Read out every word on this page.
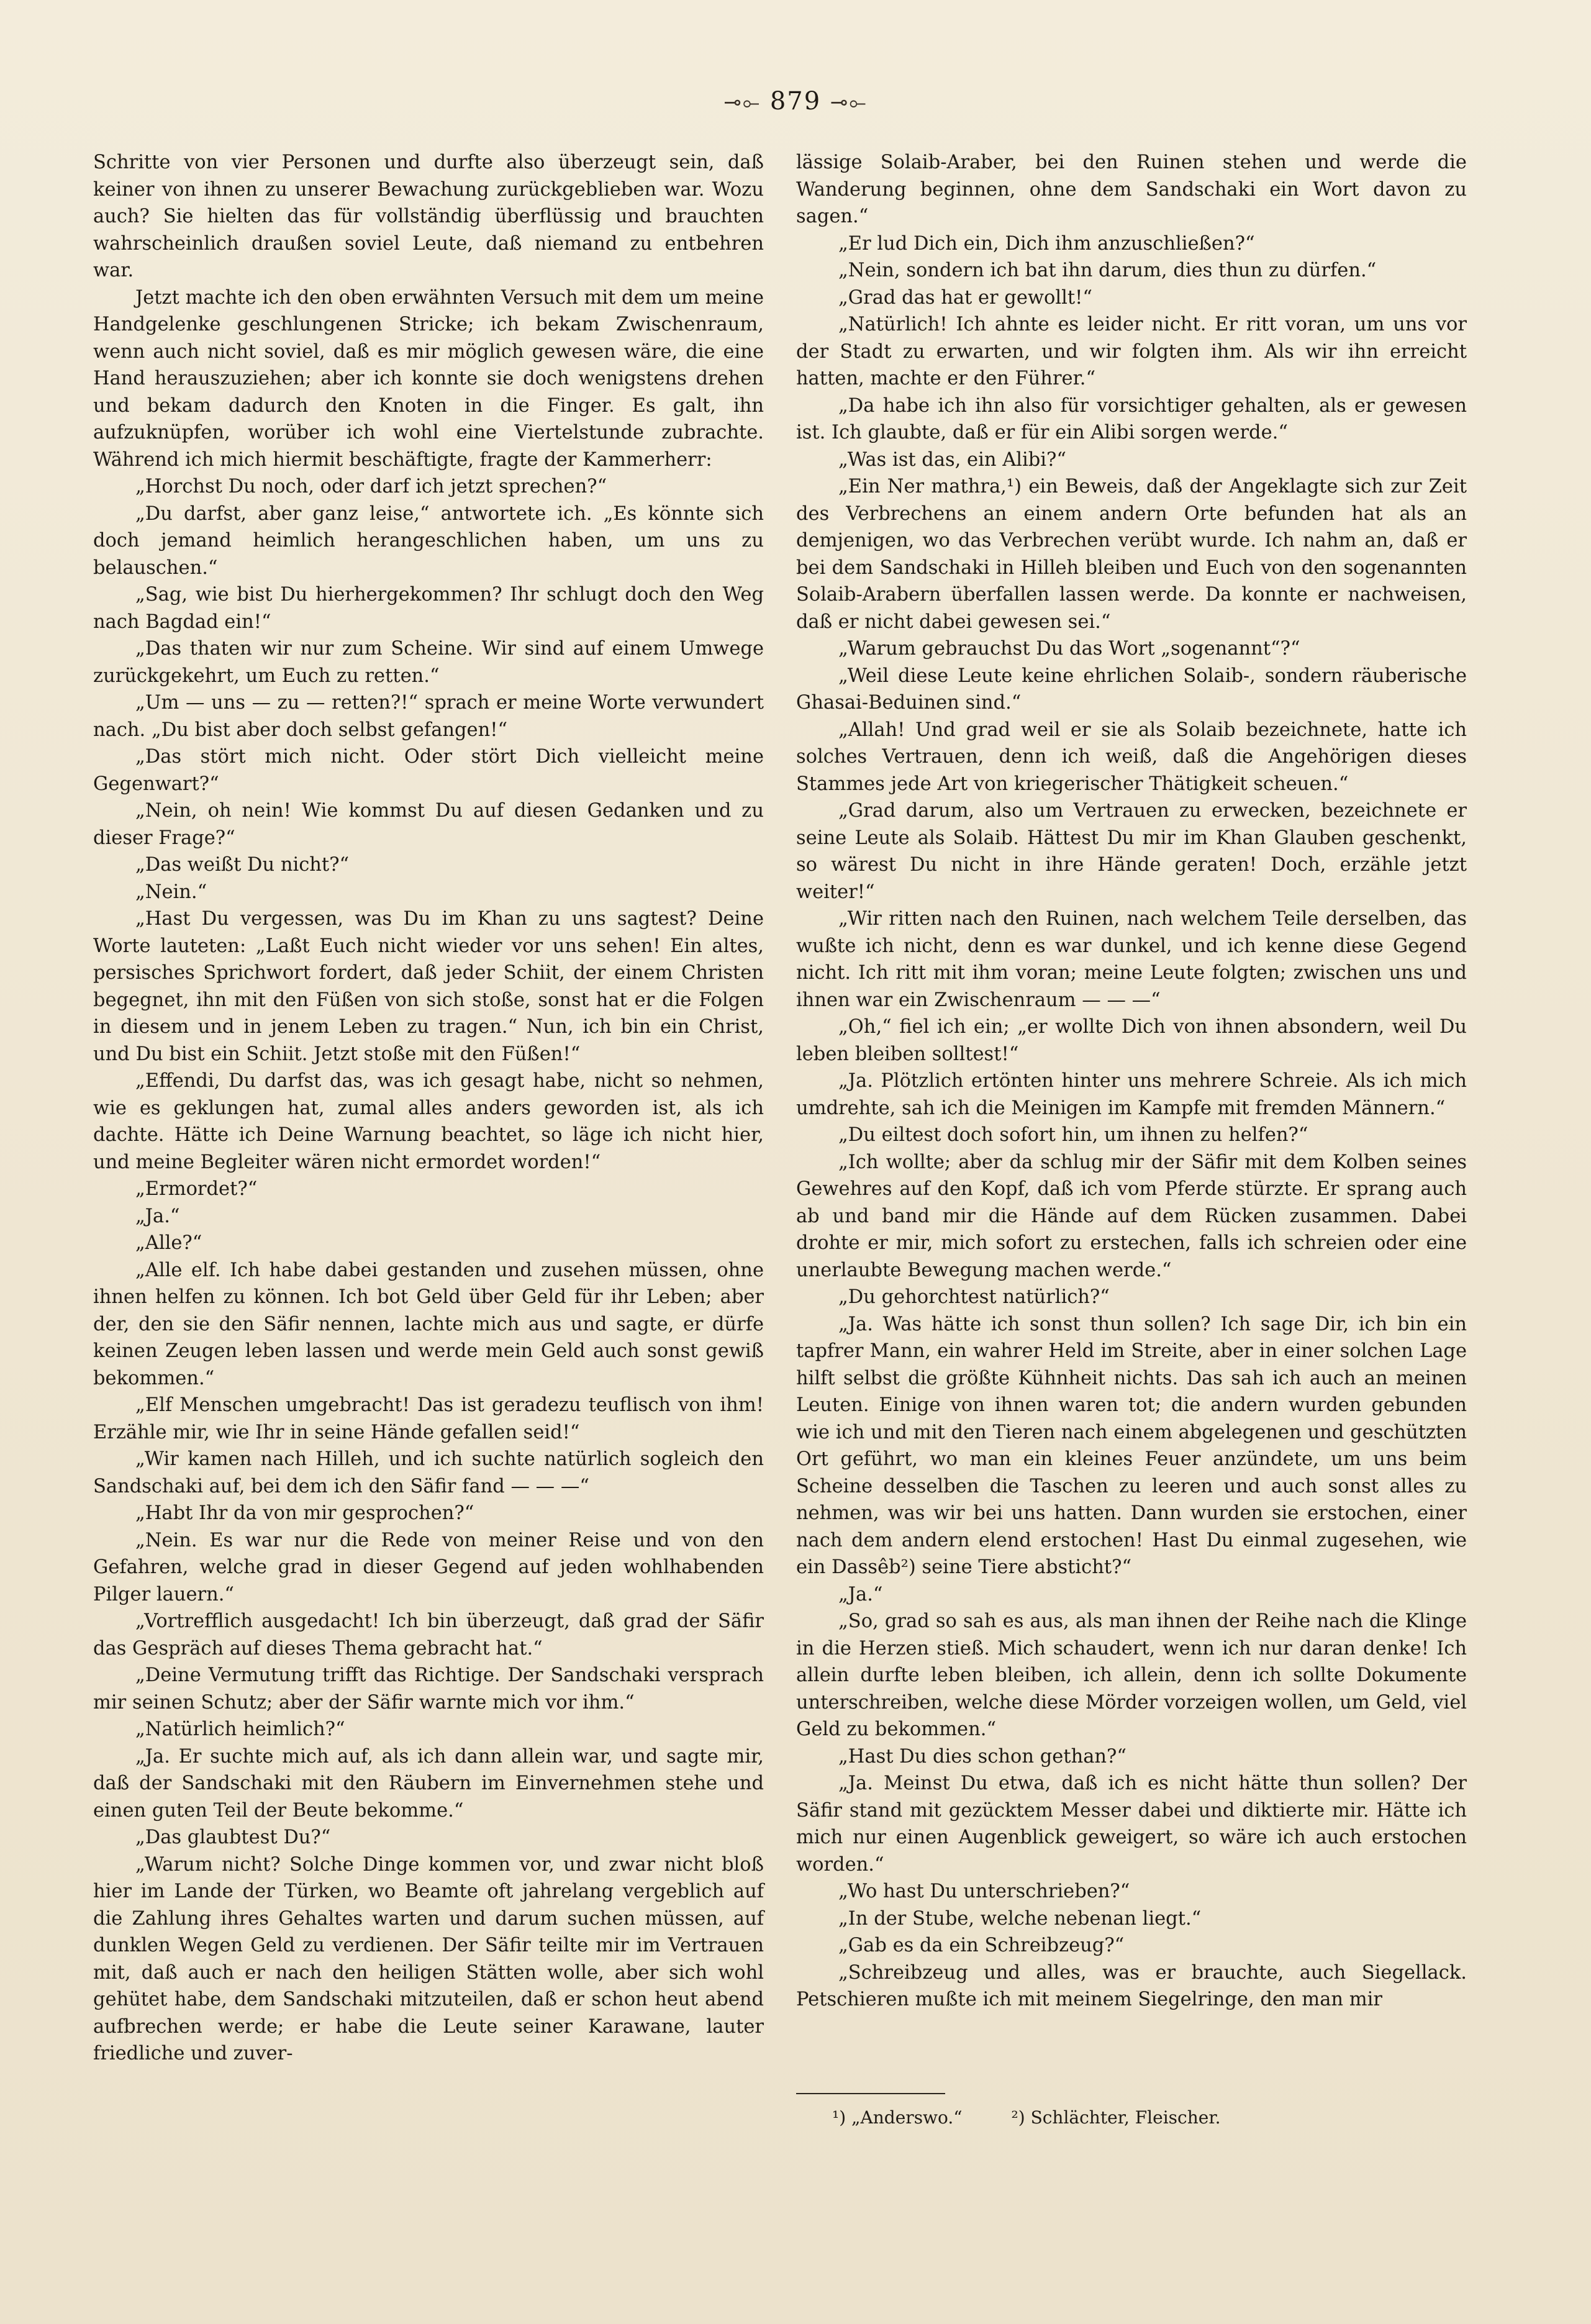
⊸⟜ 879 ⊸⟜

Schritte von vier Personen und durfte also überzeugt sein, daß keiner von ihnen zu unserer Bewachung zurückgeblieben war. Wozu auch? Sie hielten das für vollständig überflüssig und brauchten wahrscheinlich draußen soviel Leute, daß niemand zu entbehren war.

Jetzt machte ich den oben erwähnten Versuch mit dem um meine Handgelenke geschlungenen Stricke; ich bekam Zwischenraum, wenn auch nicht soviel, daß es mir möglich gewesen wäre, die eine Hand herauszuziehen; aber ich konnte sie doch wenigstens drehen und bekam dadurch den Knoten in die Finger. Es galt, ihn aufzuknüpfen, worüber ich wohl eine Viertelstunde zubrachte. Während ich mich hiermit beschäftigte, fragte der Kammerherr:

„Horchst Du noch, oder darf ich jetzt sprechen?“

„Du darfst, aber ganz leise,“ antwortete ich. „Es könnte sich doch jemand heimlich herangeschlichen haben, um uns zu belauschen.“

„Sag, wie bist Du hierhergekommen? Ihr schlugt doch den Weg nach Bagdad ein!“

„Das thaten wir nur zum Scheine. Wir sind auf einem Umwege zurückgekehrt, um Euch zu retten.“

„Um — uns — zu — retten?!“ sprach er meine Worte verwundert nach. „Du bist aber doch selbst gefangen!“

„Das stört mich nicht. Oder stört Dich vielleicht meine Gegenwart?“

„Nein, oh nein! Wie kommst Du auf diesen Gedanken und zu dieser Frage?“

„Das weißt Du nicht?“

„Nein.“

„Hast Du vergessen, was Du im Khan zu uns sagtest? Deine Worte lauteten: „Laßt Euch nicht wieder vor uns sehen! Ein altes, persisches Sprichwort fordert, daß jeder Schiit, der einem Christen begegnet, ihn mit den Füßen von sich stoße, sonst hat er die Folgen in diesem und in jenem Leben zu tragen.“ Nun, ich bin ein Christ, und Du bist ein Schiit. Jetzt stoße mit den Füßen!“

„Effendi, Du darfst das, was ich gesagt habe, nicht so nehmen, wie es geklungen hat, zumal alles anders geworden ist, als ich dachte. Hätte ich Deine Warnung beachtet, so läge ich nicht hier, und meine Begleiter wären nicht ermordet worden!“

„Ermordet?“

„Ja.“

„Alle?“

„Alle elf. Ich habe dabei gestanden und zusehen müssen, ohne ihnen helfen zu können. Ich bot Geld über Geld für ihr Leben; aber der, den sie den Säfir nennen, lachte mich aus und sagte, er dürfe keinen Zeugen leben lassen und werde mein Geld auch sonst gewiß bekommen.“

„Elf Menschen umgebracht! Das ist geradezu teuflisch von ihm! Erzähle mir, wie Ihr in seine Hände gefallen seid!“

„Wir kamen nach Hilleh, und ich suchte natürlich sogleich den Sandschaki auf, bei dem ich den Säfir fand — — —“

„Habt Ihr da von mir gesprochen?“

„Nein. Es war nur die Rede von meiner Reise und von den Gefahren, welche grad in dieser Gegend auf jeden wohlhabenden Pilger lauern.“

„Vortrefflich ausgedacht! Ich bin überzeugt, daß grad der Säfir das Gespräch auf dieses Thema gebracht hat.“

„Deine Vermutung trifft das Richtige. Der Sandschaki versprach mir seinen Schutz; aber der Säfir warnte mich vor ihm.“

„Natürlich heimlich?“

„Ja. Er suchte mich auf, als ich dann allein war, und sagte mir, daß der Sandschaki mit den Räubern im Einvernehmen stehe und einen guten Teil der Beute bekomme.“

„Das glaubtest Du?“

„Warum nicht? Solche Dinge kommen vor, und zwar nicht bloß hier im Lande der Türken, wo Beamte oft jahrelang vergeblich auf die Zahlung ihres Gehaltes warten und darum suchen müssen, auf dunklen Wegen Geld zu verdienen. Der Säfir teilte mir im Vertrauen mit, daß auch er nach den heiligen Stätten wolle, aber sich wohl gehütet habe, dem Sandschaki mitzuteilen, daß er schon heut abend aufbrechen werde; er habe die Leute seiner Karawane, lauter friedliche und zuver-

lässige Solaib-Araber, bei den Ruinen stehen und werde die Wanderung beginnen, ohne dem Sandschaki ein Wort davon zu sagen.“

„Er lud Dich ein, Dich ihm anzuschließen?“

„Nein, sondern ich bat ihn darum, dies thun zu dürfen.“

„Grad das hat er gewollt!“

„Natürlich! Ich ahnte es leider nicht. Er ritt voran, um uns vor der Stadt zu erwarten, und wir folgten ihm. Als wir ihn erreicht hatten, machte er den Führer.“

„Da habe ich ihn also für vorsichtiger gehalten, als er gewesen ist. Ich glaubte, daß er für ein Alibi sorgen werde.“

„Was ist das, ein Alibi?“

„Ein Ner mathra,¹) ein Beweis, daß der Angeklagte sich zur Zeit des Verbrechens an einem andern Orte befunden hat als an demjenigen, wo das Verbrechen verübt wurde. Ich nahm an, daß er bei dem Sandschaki in Hilleh bleiben und Euch von den sogenannten Solaib-Arabern überfallen lassen werde. Da konnte er nachweisen, daß er nicht dabei gewesen sei.“

„Warum gebrauchst Du das Wort „sogenannt“?“

„Weil diese Leute keine ehrlichen Solaib-, sondern räuberische Ghasai-Beduinen sind.“

„Allah! Und grad weil er sie als Solaib bezeichnete, hatte ich solches Vertrauen, denn ich weiß, daß die Angehörigen dieses Stammes jede Art von kriegerischer Thätigkeit scheuen.“

„Grad darum, also um Vertrauen zu erwecken, bezeichnete er seine Leute als Solaib. Hättest Du mir im Khan Glauben geschenkt, so wärest Du nicht in ihre Hände geraten! Doch, erzähle jetzt weiter!“

„Wir ritten nach den Ruinen, nach welchem Teile derselben, das wußte ich nicht, denn es war dunkel, und ich kenne diese Gegend nicht. Ich ritt mit ihm voran; meine Leute folgten; zwischen uns und ihnen war ein Zwischenraum — — —“

„Oh,“ fiel ich ein; „er wollte Dich von ihnen absondern, weil Du leben bleiben solltest!“

„Ja. Plötzlich ertönten hinter uns mehrere Schreie. Als ich mich umdrehte, sah ich die Meinigen im Kampfe mit fremden Männern.“

„Du eiltest doch sofort hin, um ihnen zu helfen?“

„Ich wollte; aber da schlug mir der Säfir mit dem Kolben seines Gewehres auf den Kopf, daß ich vom Pferde stürzte. Er sprang auch ab und band mir die Hände auf dem Rücken zusammen. Dabei drohte er mir, mich sofort zu erstechen, falls ich schreien oder eine unerlaubte Bewegung machen werde.“

„Du gehorchtest natürlich?“

„Ja. Was hätte ich sonst thun sollen? Ich sage Dir, ich bin ein tapfrer Mann, ein wahrer Held im Streite, aber in einer solchen Lage hilft selbst die größte Kühnheit nichts. Das sah ich auch an meinen Leuten. Einige von ihnen waren tot; die andern wurden gebunden wie ich und mit den Tieren nach einem abgelegenen und geschützten Ort geführt, wo man ein kleines Feuer anzündete, um uns beim Scheine desselben die Taschen zu leeren und auch sonst alles zu nehmen, was wir bei uns hatten. Dann wurden sie erstochen, einer nach dem andern elend erstochen! Hast Du einmal zugesehen, wie ein Dassêb²) seine Tiere absticht?“

„Ja.“

„So, grad so sah es aus, als man ihnen der Reihe nach die Klinge in die Herzen stieß. Mich schaudert, wenn ich nur daran denke! Ich allein durfte leben bleiben, ich allein, denn ich sollte Dokumente unterschreiben, welche diese Mörder vorzeigen wollen, um Geld, viel Geld zu bekommen.“

„Hast Du dies schon gethan?“

„Ja. Meinst Du etwa, daß ich es nicht hätte thun sollen? Der Säfir stand mit gezücktem Messer dabei und diktierte mir. Hätte ich mich nur einen Augenblick geweigert, so wäre ich auch erstochen worden.“

„Wo hast Du unterschrieben?“

„In der Stube, welche nebenan liegt.“

„Gab es da ein Schreibzeug?“

„Schreibzeug und alles, was er brauchte, auch Siegellack. Petschieren mußte ich mit meinem Siegelringe, den man mir

¹) „Anderswo.“	²) Schlächter, Fleischer.
